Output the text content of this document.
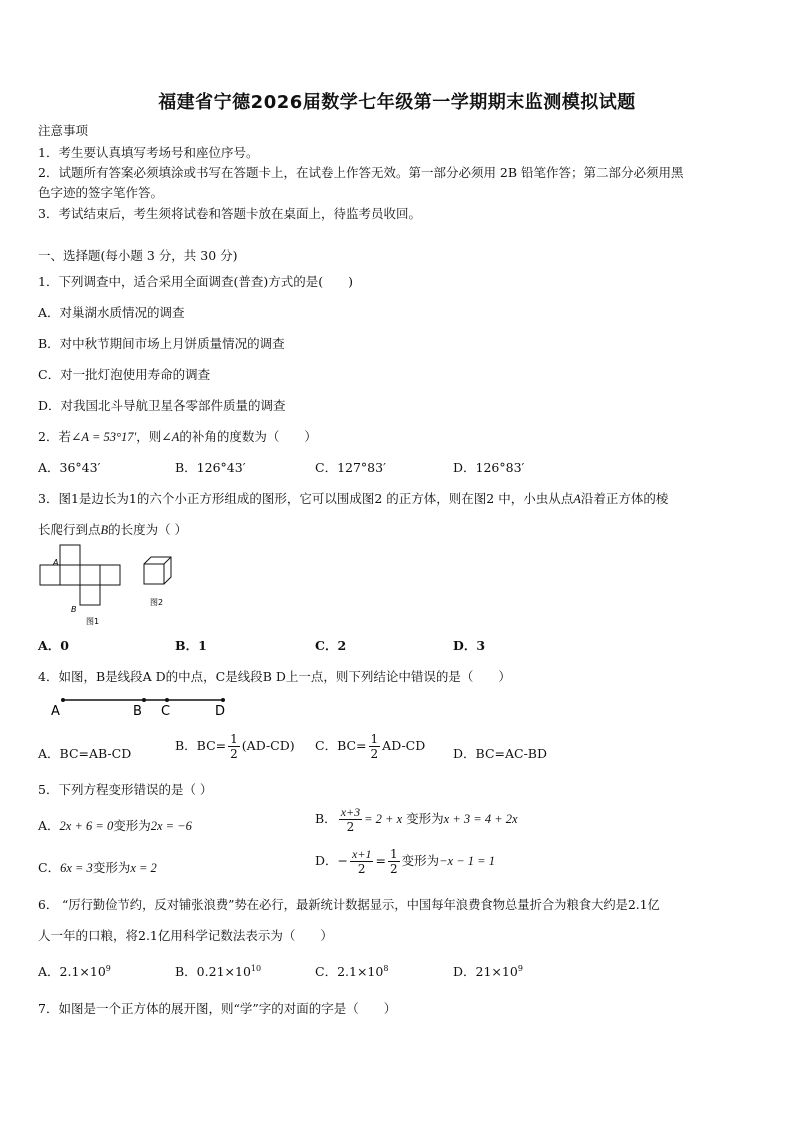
福建省宁德2026届数学七年级第一学期期末监测模拟试题
注意事项
1．考生要认真填写考场号和座位序号。
2．试题所有答案必须填涂或书写在答题卡上，在试卷上作答无效。第一部分必须用 2B 铅笔作答；第二部分必须用黑
色字迹的签字笔作答。
3．考试结束后，考生须将试卷和答题卡放在桌面上，待监考员收回。
一、选择题(每小题 3 分，共 30 分)
1．下列调查中，适合采用全面调查(普查)方式的是(　　)
A．对巢湖水质情况的调查
B．对中秋节期间市场上月饼质量情况的调查
C．对一批灯泡使用寿命的调查
D．对我国北斗导航卫星各零部件质量的调查
2．若∠A = 53°17′，则∠A的补角的度数为（　　）
A．36°43′	B．126°43′	C．127°83′	D．126°83′
3．图1是边长为1的六个小正方形组成的图形，它可以围成图2 的正方体，则在图2 中，小虫从点A沿着正方体的棱
长爬行到点B的长度为（ ）
A
B
图1
图2
A．0	B．1	C．2	D．3
4．如图，B是线段A D的中点，C是线段B D上一点，则下列结论中错误的是（　　）
A	B C	D
A．BC=AB-CD
B．$BC= \frac{1}{2} (AD-CD)$ C．$BC= \frac{1}{2} AD-CD$
D．BC=AC-BD
5．下列方程变形错误的是（ ）
A．2x + 6 = 0变形为2x = −6	B． $\frac{x+3}{2} = 2 + x$ 变形为x + 3 = 4 + 2x
C．6x = 3变形为x = 2	D．− $\frac{x+1}{2} = \frac{1}{2}$ 变形为−x − 1 = 1
6． “厉行勤俭节约，反对铺张浪费”势在必行，最新统计数据显示，中国每年浪费食物总量折合为粮食大约是2.1亿
人一年的口粮，将2.1亿用科学记数法表示为（　　）
A．$2.1\times 10^9$	B．$0.21\times 10^{10}$	C．$2.1\times 10^8$	D．$21\times 10^9$
7．如图是一个正方体的展开图，则“学”字的对面的字是（　　）
